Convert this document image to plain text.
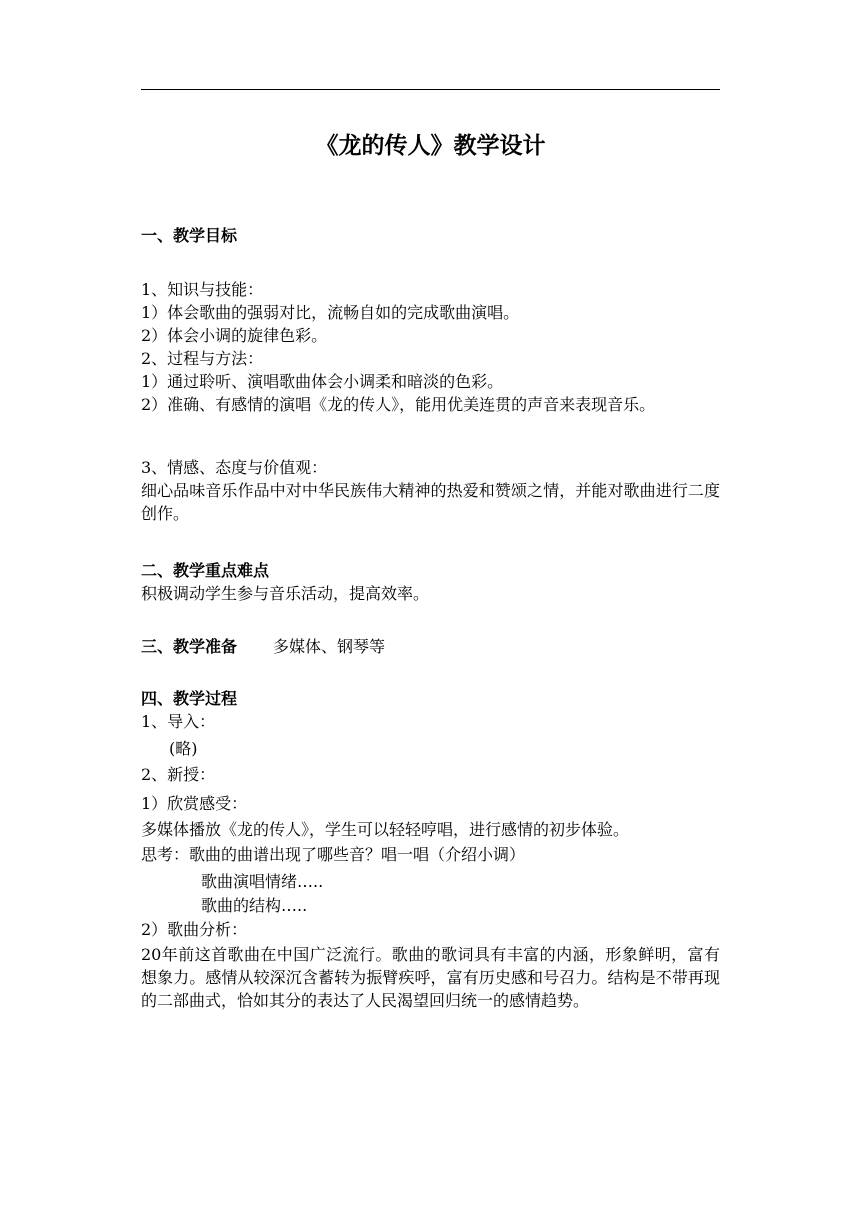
《龙的传人》教学设计
一、教学目标
1、知识与技能：
1）体会歌曲的强弱对比，流畅自如的完成歌曲演唱。
2）体会小调的旋律色彩。
2、过程与方法：
1）通过聆听、演唱歌曲体会小调柔和暗淡的色彩。
2）准确、有感情的演唱《龙的传人》，能用优美连贯的声音来表现音乐。
3、情感、态度与价值观：
细心品味音乐作品中对中华民族伟大精神的热爱和赞颂之情，并能对歌曲进行二度创作。
二、教学重点难点
积极调动学生参与音乐活动，提高效率。
三、教学准备 多媒体、钢琴等
四、教学过程
1、导入：
(略)
2、新授：
1）欣赏感受：
多媒体播放《龙的传人》，学生可以轻轻哼唱，进行感情的初步体验。
思考：歌曲的曲谱出现了哪些音？唱一唱（介绍小调）
歌曲演唱情绪…..
歌曲的结构…..
2）歌曲分析：
20年前这首歌曲在中国广泛流行。歌曲的歌词具有丰富的内涵，形象鲜明，富有想象力。感情从较深沉含蓄转为振臂疾呼，富有历史感和号召力。结构是不带再现的二部曲式，恰如其分的表达了人民渴望回归统一的感情趋势。
